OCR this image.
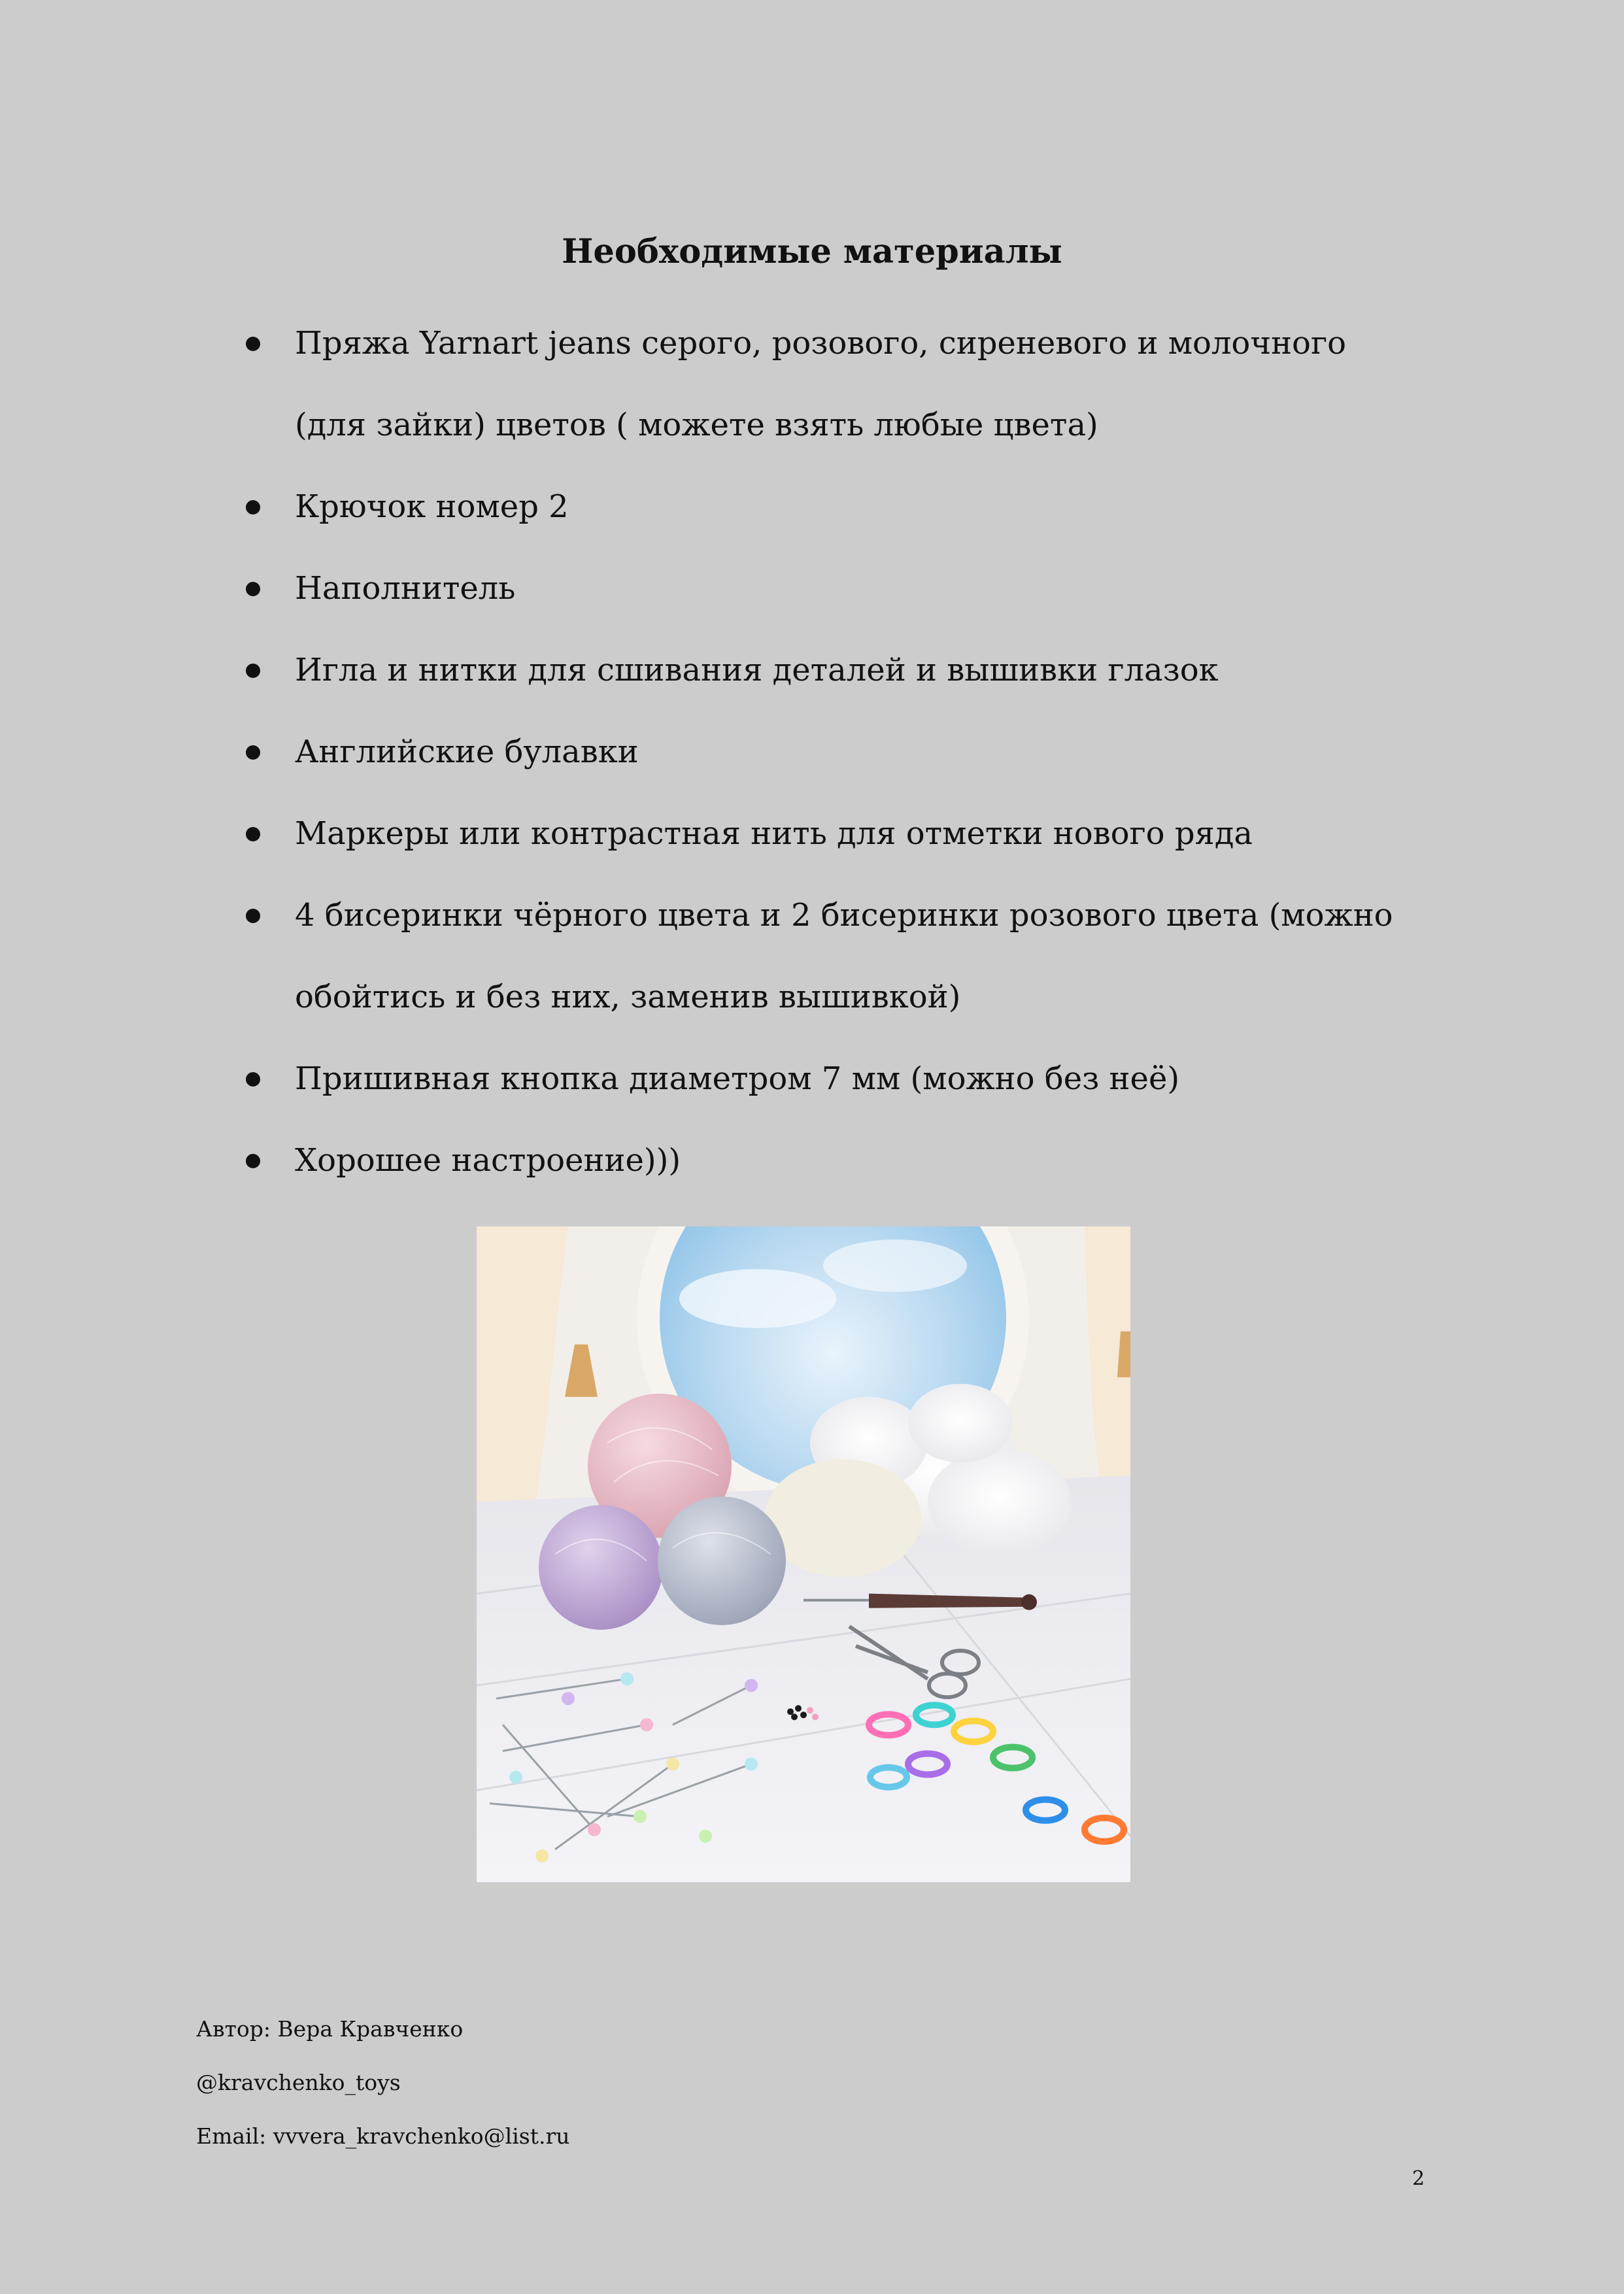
Необходимые материалы
Пряжа Yarnart jeans серого, розового, сиреневого и молочного (для зайки) цветов ( можете взять любые цвета)
Крючок номер 2
Наполнитель
Игла и нитки для сшивания деталей и вышивки глазок
Английские булавки
Маркеры или контрастная нить для отметки нового ряда
4 бисеринки чёрного цвета и 2 бисеринки розового цвета (можно обойтись и без них, заменив вышивкой)
Пришивная кнопка диаметром 7 мм (можно без неё)
Хорошее настроение)))
Автор: Вера Кравченко
@kravchenko_toys
Email: vvvera_kravchenko@list.ru
2
